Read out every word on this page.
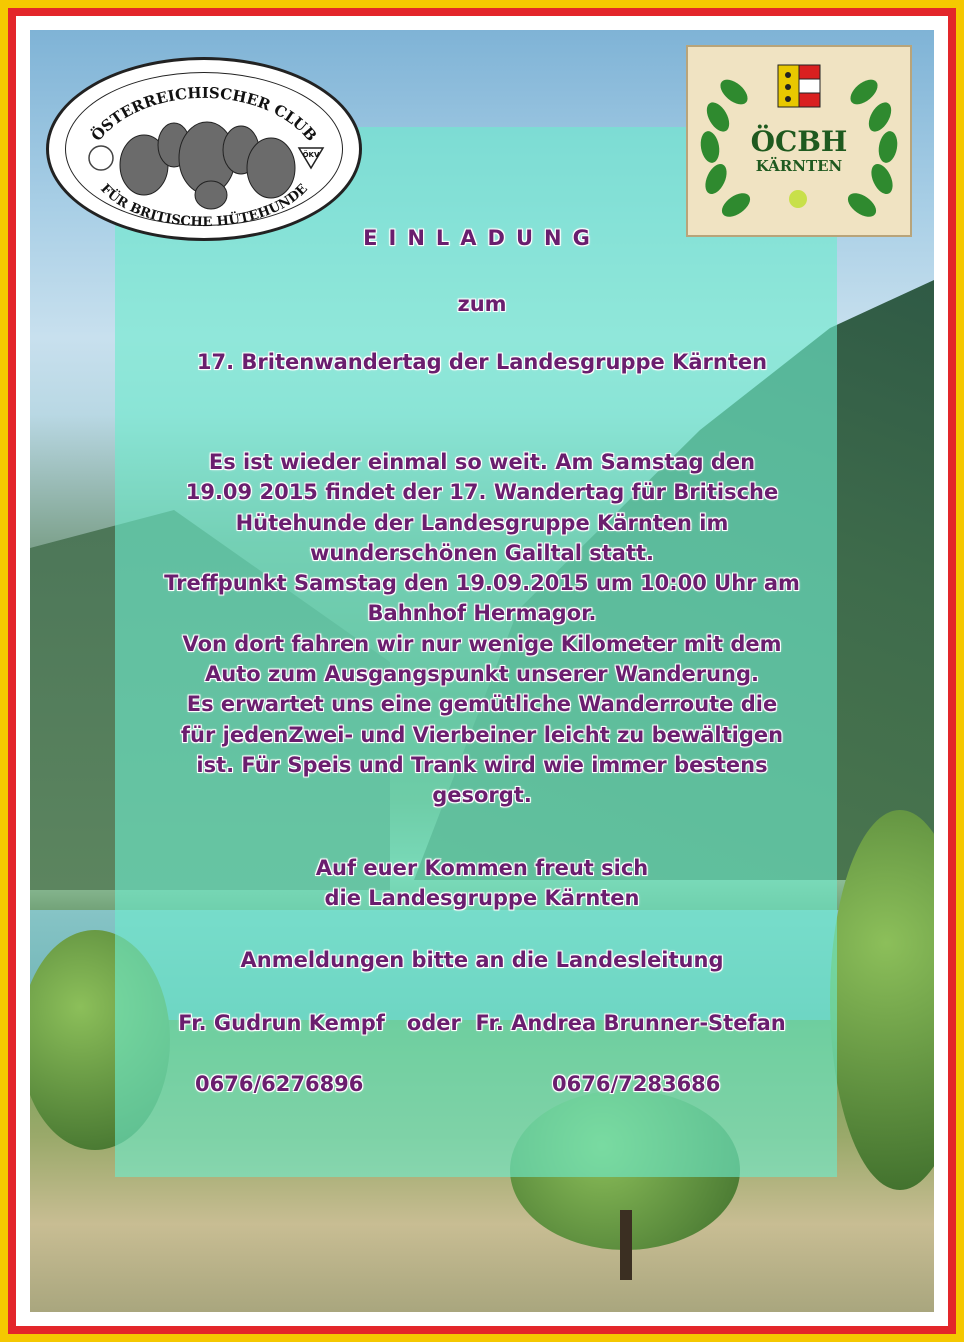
ÖSTERREICHISCHER CLUB
FÜR BRITISCHE HÜTEHUNDE
ÖKV	ÖCBH
KÄRNTEN
EINLADUNG
zum
17. Britenwandertag der Landesgruppe Kärnten
Es ist wieder einmal so weit. Am Samstag den
19.09 2015 findet der 17. Wandertag für Britische
Hütehunde der Landesgruppe Kärnten im
wunderschönen Gailtal statt.
Treffpunkt Samstag den 19.09.2015 um 10:00 Uhr am
Bahnhof Hermagor.
Von dort fahren wir nur wenige Kilometer mit dem
Auto zum Ausgangspunkt unserer Wanderung.
Es erwartet uns eine gemütliche Wanderroute die
für jedenZwei- und Vierbeiner leicht zu bewältigen
ist. Für Speis und Trank wird wie immer bestens
gesorgt.
Auf euer Kommen freut sich
die Landesgruppe Kärnten
Anmeldungen bitte an die Landesleitung
Fr. Gudrun Kempf   oder  Fr. Andrea Brunner-Stefan
0676/6276896	0676/7283686
